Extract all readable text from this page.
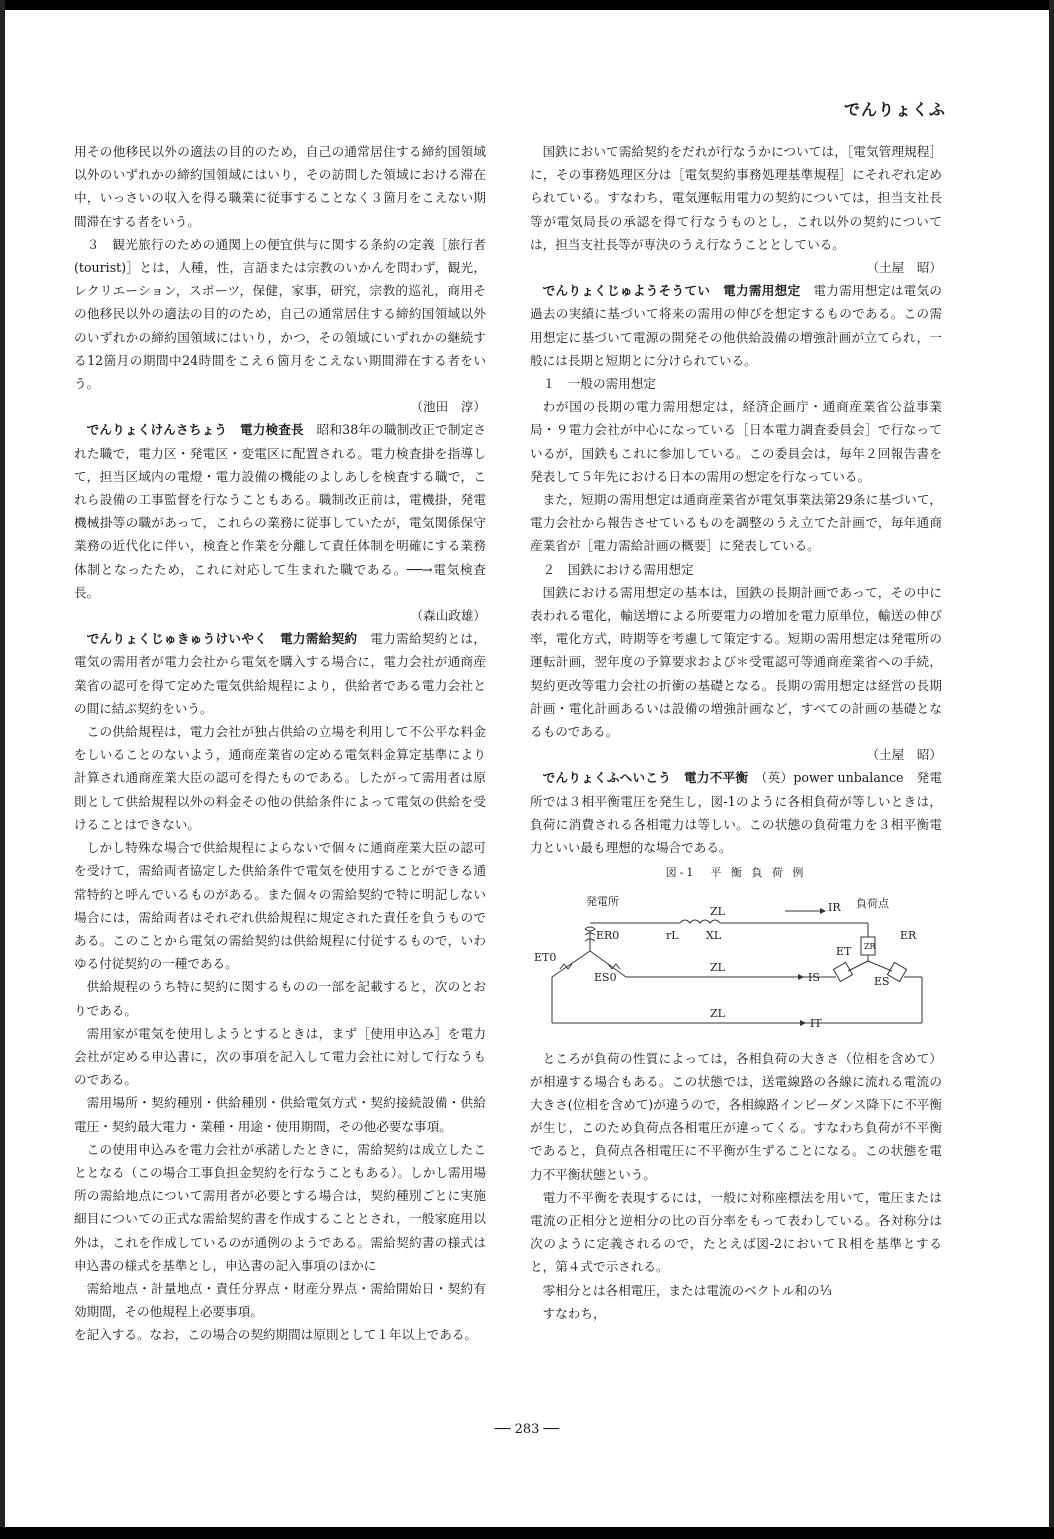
でんりょくふ

用その他移民以外の適法の目的のため，自己の通常居住する締約国領域以外のいずれかの締約国領域にはいり，その訪問した領域における滞在中，いっさいの収入を得る職業に従事することなく３箇月をこえない期間滞在する者をいう。

３　観光旅行のための通関上の便宜供与に関する条約の定義［旅行者(tourist)］とは，人種，性，言語または宗教のいかんを問わず，観光，レクリエーション，スポーツ，保健，家事，研究，宗教的巡礼，商用その他移民以外の適法の目的のため，自己の通常居住する締約国領域以外のいずれかの締約国領域にはいり，かつ，その領域にいずれかの継続する12箇月の期間中24時間をこえ６箇月をこえない期間滞在する者をいう。

（池田　淳）

でんりょくけんさちょう　電力検査長　昭和38年の職制改正で制定された職で，電力区・発電区・変電区に配置される。電力検査掛を指導して，担当区域内の電燈・電力設備の機能のよしあしを検査する職で，これら設備の工事監督を行なうこともある。職制改正前は，電機掛，発電機械掛等の職があって，これらの業務に従事していたが，電気関係保守業務の近代化に伴い，検査と作業を分離して責任体制を明確にする業務体制となったため，これに対応して生まれた職である。──→電気検査長。

（森山政雄）

でんりょくじゅきゅうけいやく　電力需給契約　電力需給契約とは，電気の需用者が電力会社から電気を購入する場合に，電力会社が通商産業省の認可を得て定めた電気供給規程により，供給者である電力会社との間に結ぶ契約をいう。

この供給規程は，電力会社が独占供給の立場を利用して不公平な料金をしいることのないよう，通商産業省の定める電気料金算定基準により計算され通商産業大臣の認可を得たものである。したがって需用者は原則として供給規程以外の料金その他の供給条件によって電気の供給を受けることはできない。

しかし特殊な場合で供給規程によらないで個々に通商産業大臣の認可を受けて，需給両者協定した供給条件で電気を使用することができる通常特約と呼んでいるものがある。また個々の需給契約で特に明記しない場合には，需給両者はそれぞれ供給規程に規定された責任を負うものである。このことから電気の需給契約は供給規程に付従するもので，いわゆる付従契約の一種である。

供給規程のうち特に契約に関するものの一部を記載すると，次のとおりである。

需用家が電気を使用しようとするときは，まず［使用申込み］を電力会社が定める申込書に，次の事項を記入して電力会社に対して行なうものである。

需用場所・契約種別・供給種別・供給電気方式・契約接続設備・供給電圧・契約最大電力・業種・用途・使用期間，その他必要な事項。

この使用申込みを電力会社が承諾したときに，需給契約は成立したこととなる（この場合工事負担金契約を行なうこともある）。しかし需用場所の需給地点について需用者が必要とする場合は，契約種別ごとに実施細目についての正式な需給契約書を作成することとされ，一般家庭用以外は，これを作成しているのが通例のようである。需給契約書の様式は申込書の様式を基準とし，申込書の記入事項のほかに

需給地点・計量地点・責任分界点・財産分界点・需給開始日・契約有効期間，その他規程上必要事項。

を記入する。なお，この場合の契約期間は原則として１年以上である。

国鉄において需給契約をだれが行なうかについては，［電気管理規程］に，その事務処理区分は［電気契約事務処理基準規程］にそれぞれ定められている。すなわち，電気運転用電力の契約については，担当支社長等が電気局長の承認を得て行なうものとし，これ以外の契約については，担当支社長等が専決のうえ行なうこととしている。

（土屋　昭）

でんりょくじゅようそうてい　電力需用想定　電力需用想定は電気の過去の実績に基づいて将来の需用の伸びを想定するものである。この需用想定に基づいて電源の開発その他供給設備の増強計画が立てられ，一般には長期と短期とに分けられている。

１　一般の需用想定

わが国の長期の電力需用想定は，経済企画庁・通商産業省公益事業局・９電力会社が中心になっている［日本電力調査委員会］で行なっているが，国鉄もこれに参加している。この委員会は，毎年２回報告書を発表して５年先における日本の需用の想定を行なっている。

また，短期の需用想定は通商産業省が電気事業法第29条に基づいて，電力会社から報告させているものを調整のうえ立てた計画で，毎年通商産業省が［電力需給計画の概要］に発表している。

２　国鉄における需用想定

国鉄における需用想定の基本は，国鉄の長期計画であって，その中に表われる電化，輸送増による所要電力の増加を電力原単位，輸送の伸び率，電化方式，時期等を考慮して策定する。短期の需用想定は発電所の運転計画，翌年度の予算要求および＊受電認可等通商産業省への手続，契約更改等電力会社の折衝の基礎となる。長期の需用想定は経営の長期計画・電化計画あるいは設備の増強計画など，すべての計画の基礎となるものである。

（土屋　昭）

でんりょくふへいこう　電力不平衡　（英）power unbalance　発電所では３相平衡電圧を発生し，図-1のように各相負荷が等しいときは，負荷に消費される各相電力は等しい。この状態の負荷電力を３相平衡電力といい最も理想的な場合である。

図-1　平 衡 負 荷 例
発電所	負荷点
ZL
rL XL
ZL
ZL
IR
IS
IT
ZR
ER
ET
ES
ER0
ET0
ES0

ところが負荷の性質によっては，各相負荷の大きさ（位相を含めて）が相違する場合もある。この状態では，送電線路の各線に流れる電流の大きさ(位相を含めて)が違うので，各相線路インピーダンス降下に不平衡が生じ，このため負荷点各相電圧が違ってくる。すなわち負荷が不平衡であると，負荷点各相電圧に不平衡が生ずることになる。この状態を電力不平衡状態という。

電力不平衡を表現するには，一般に対称座標法を用いて，電圧または電流の正相分と逆相分の比の百分率をもって表わしている。各対称分は次のように定義されるので，たとえば図-2においてＲ相を基準とすると，第４式で示される。

零相分とは各相電圧，または電流のベクトル和の⅓

すなわち，

── 283 ──
